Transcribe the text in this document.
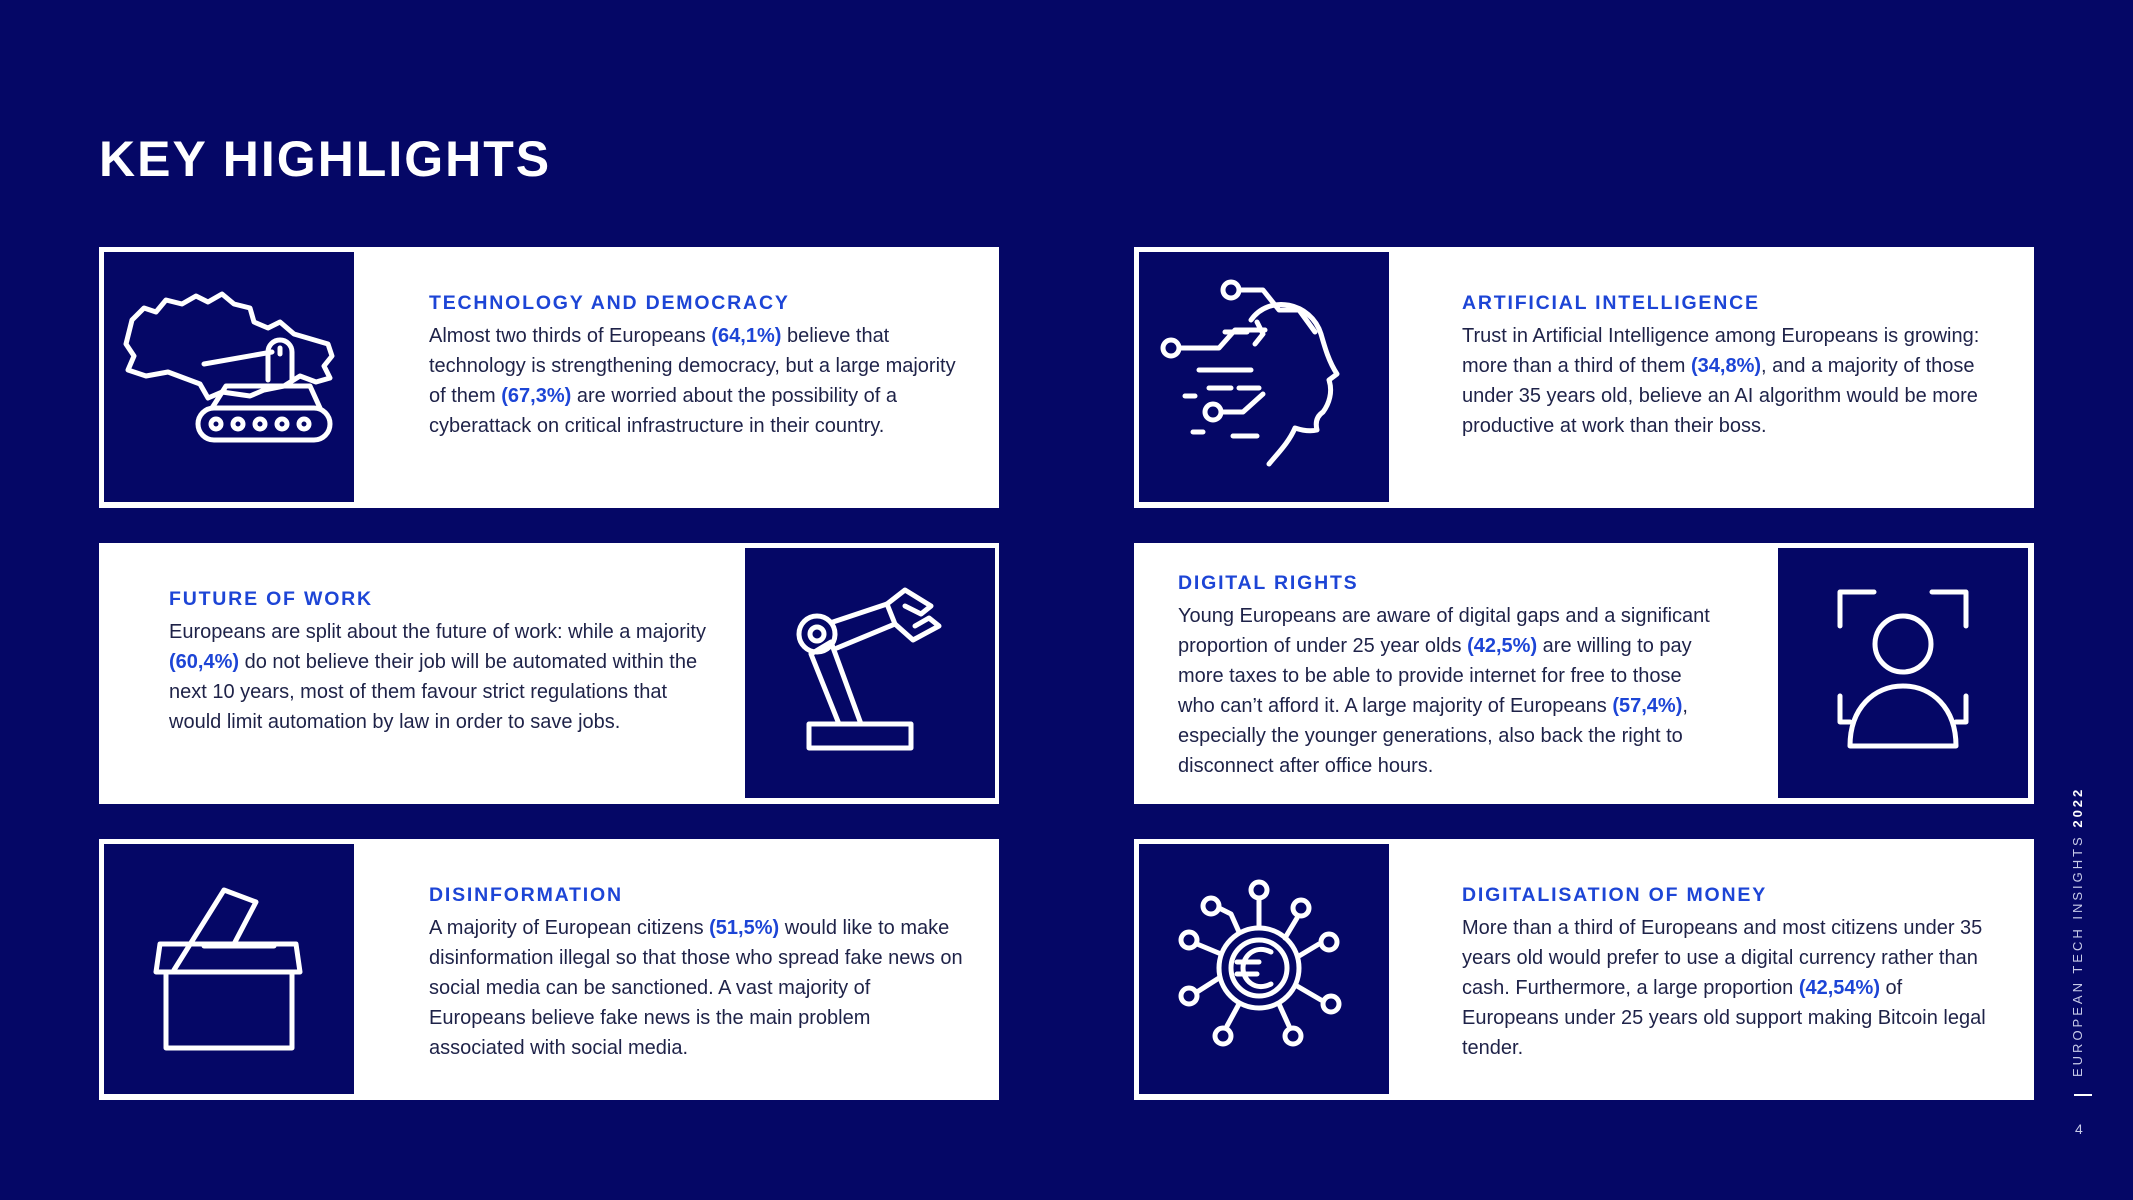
KEY HIGHLIGHTS
TECHNOLOGY AND DEMOCRACY

Almost two thirds of Europeans (64,1%) believe that technology is strengthening democracy, but a large majority of them (67,3%) are worried about the possibility of a cyberattack on critical infrastructure in their country.

ARTIFICIAL INTELLIGENCE

Trust in Artificial Intelligence among Europeans is growing: more than a third of them (34,8%), and a majority of those under 35 years old, believe an AI algorithm would be more productive at work than their boss.

FUTURE OF WORK

Europeans are split about the future of work: while a majority (60,4%) do not believe their job will be automated within the next 10 years, most of them favour strict regulations that would limit automation by law in order to save jobs.

DIGITAL RIGHTS

Young Europeans are aware of digital gaps and a significant proportion of under 25 year olds (42,5%) are willing to pay more taxes to be able to provide internet for free to those who can’t afford it. A large majority of Europeans (57,4%), especially the younger generations, also back the right to disconnect after office hours.

DISINFORMATION

A majority of European citizens (51,5%) would like to make disinformation illegal so that those who spread fake news on social media can be sanctioned. A vast majority of Europeans believe fake news is the main problem associated with social media.

DIGITALISATION OF MONEY

More than a third of Europeans and most citizens under 35 years old would prefer to use a digital currency rather than cash. Furthermore, a large proportion (42,54%) of Europeans under 25 years old support making Bitcoin legal tender.	EUROPEAN TECH INSIGHTS 2022
4
